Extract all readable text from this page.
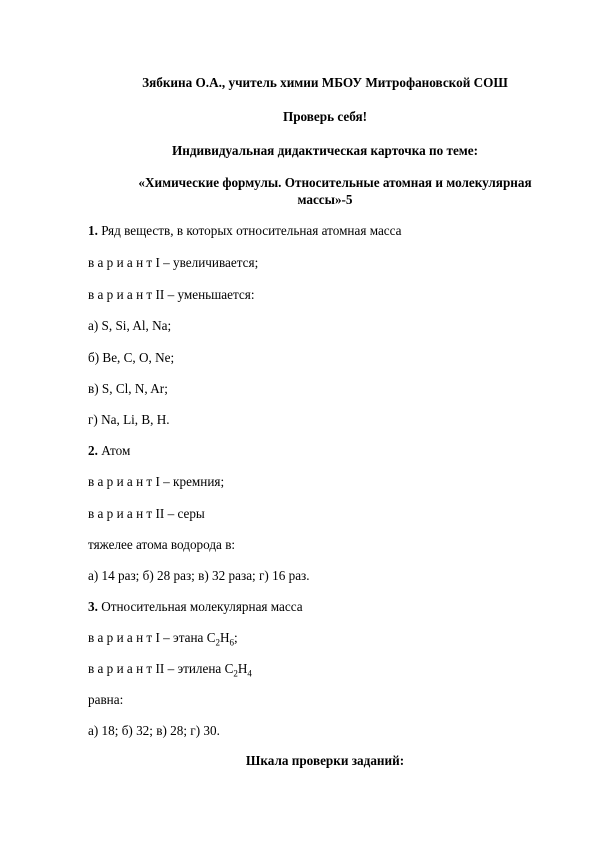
Зябкина О.А., учитель химии МБОУ Митрофановской СОШ
Проверь себя!
Индивидуальная дидактическая карточка по теме:
«Химические формулы. Относительные атомная и молекулярная
массы»-5
1. Ряд веществ, в которых относительная атомная масса
в а р и а н т I – увеличивается;
в а р и а н т II – уменьшается:
а) S, Si, Al, Na;
б) Be, C, O, Ne;
в) S, Cl, N, Ar;
г) Na, Li, B, H.
2. Атом
в а р и а н т I – кремния;
в а р и а н т II – серы
тяжелее атома водорода в:
а) 14 раз; б) 28 раз; в) 32 раза; г) 16 раз.
3. Относительная молекулярная масса
в а р и а н т I – этана $C_2H_6$;
в а р и а н т II – этилена $C_2H_4$
равна:
а) 18; б) 32; в) 28; г) 30.
Шкала проверки заданий:
